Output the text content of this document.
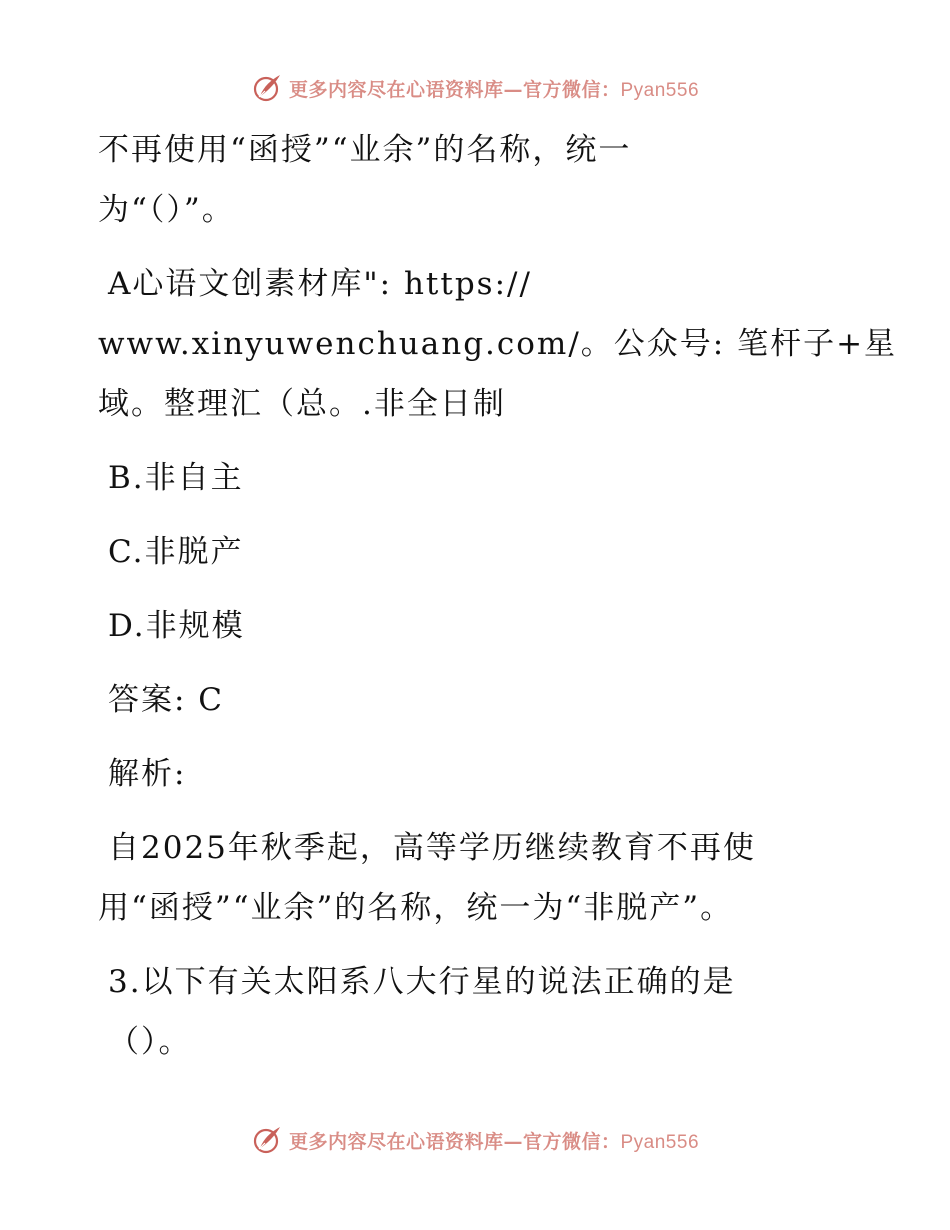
更多内容尽在心语资料库—官方微信：Pyan556
不再使用“函授”“业余”的名称，统一
为“（）”。
A心语文创素材库": https://
www.xinyuwenchuang.com/。公众号: 笔杆子+星
域。整理汇（总。.非全日制
B.非自主
C.非脱产
D.非规模
答案: C
解析:
自2025年秋季起，高等学历继续教育不再使
用“函授”“业余”的名称，统一为“非脱产”。
3.以下有关太阳系八大行星的说法正确的是
（）。
更多内容尽在心语资料库—官方微信：Pyan556
